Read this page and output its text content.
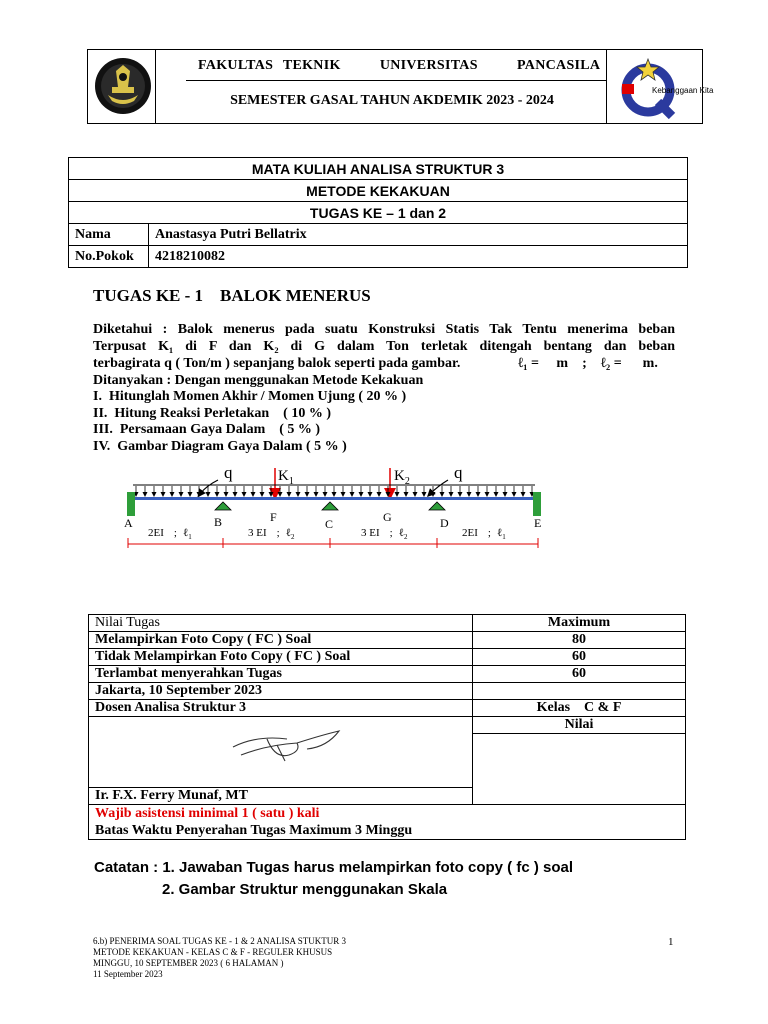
FAKULTAS TEKNIK    UNIVERSITAS    PANCASILA
SEMESTER GASAL TAHUN AKDEMIK 2023 - 2024
Kebanggaan Kita
MATA KULIAH ANALISA STRUKTUR 3	
METODE KEKAKUAN	
TUGAS KE – 1 dan 2	
Nama	Anastasya Putri Bellatrix
No.Pokok	4218210082
TUGAS KE - 1    BALOK MENERUS
Diketahui : Balok menerus pada suatu Konstruksi Statis Tak Tentu menerima beban
Terpusat K₁ di F dan K₂ di G dalam Ton terletak ditengah bentang dan beban
terbagirata q ( Ton/m ) sepanjang balok seperti pada gambar.	ℓ₁ =     m    ;    ℓ₂ =      m.
Ditanyakan : Dengan menggunakan Metode Kekakuan
I.  Hitunglah Momen Akhir / Momen Ujung ( 20 % )
II.  Hitung Reaksi Perletakan    ( 10 % )
III.  Persamaan Gaya Dalam    ( 5 % )
IV.  Gambar Diagram Gaya Dalam ( 5 % )
q	q
$K_1$	$K_2$
A	B	F	C	G	D	E
2EI ; ℓ$_1$	3 EI ; ℓ$_2$	3 EI ; ℓ$_2$	2EI ; ℓ$_1$
Nilai Tugas	Maximum
Melampirkan Foto Copy ( FC ) Soal	80
Tidak Melampirkan Foto Copy ( FC ) Soal	60
Terlambat menyerahkan Tugas	60
Jakarta, 10 September 2023	
Dosen Analisa Struktur 3	Kelas    C & F

	Nilai

Ir. F.X. Ferry Munaf, MT	

Wajib asistensi minimal 1 ( satu ) kali
Batas Waktu Penyerahan Tugas Maximum 3 Minggu	
Catatan : 1. Jawaban Tugas harus melampirkan foto copy ( fc ) soal
2. Gambar Struktur menggunakan Skala
6.b) PENERIMA SOAL TUGAS KE - 1 & 2 ANALISA STUKTUR 3
METODE KEKAKUAN - KELAS C & F - REGULER KHUSUS
MINGGU, 10 SEPTEMBER 2023 ( 6 HALAMAN )
11 September 2023
1
